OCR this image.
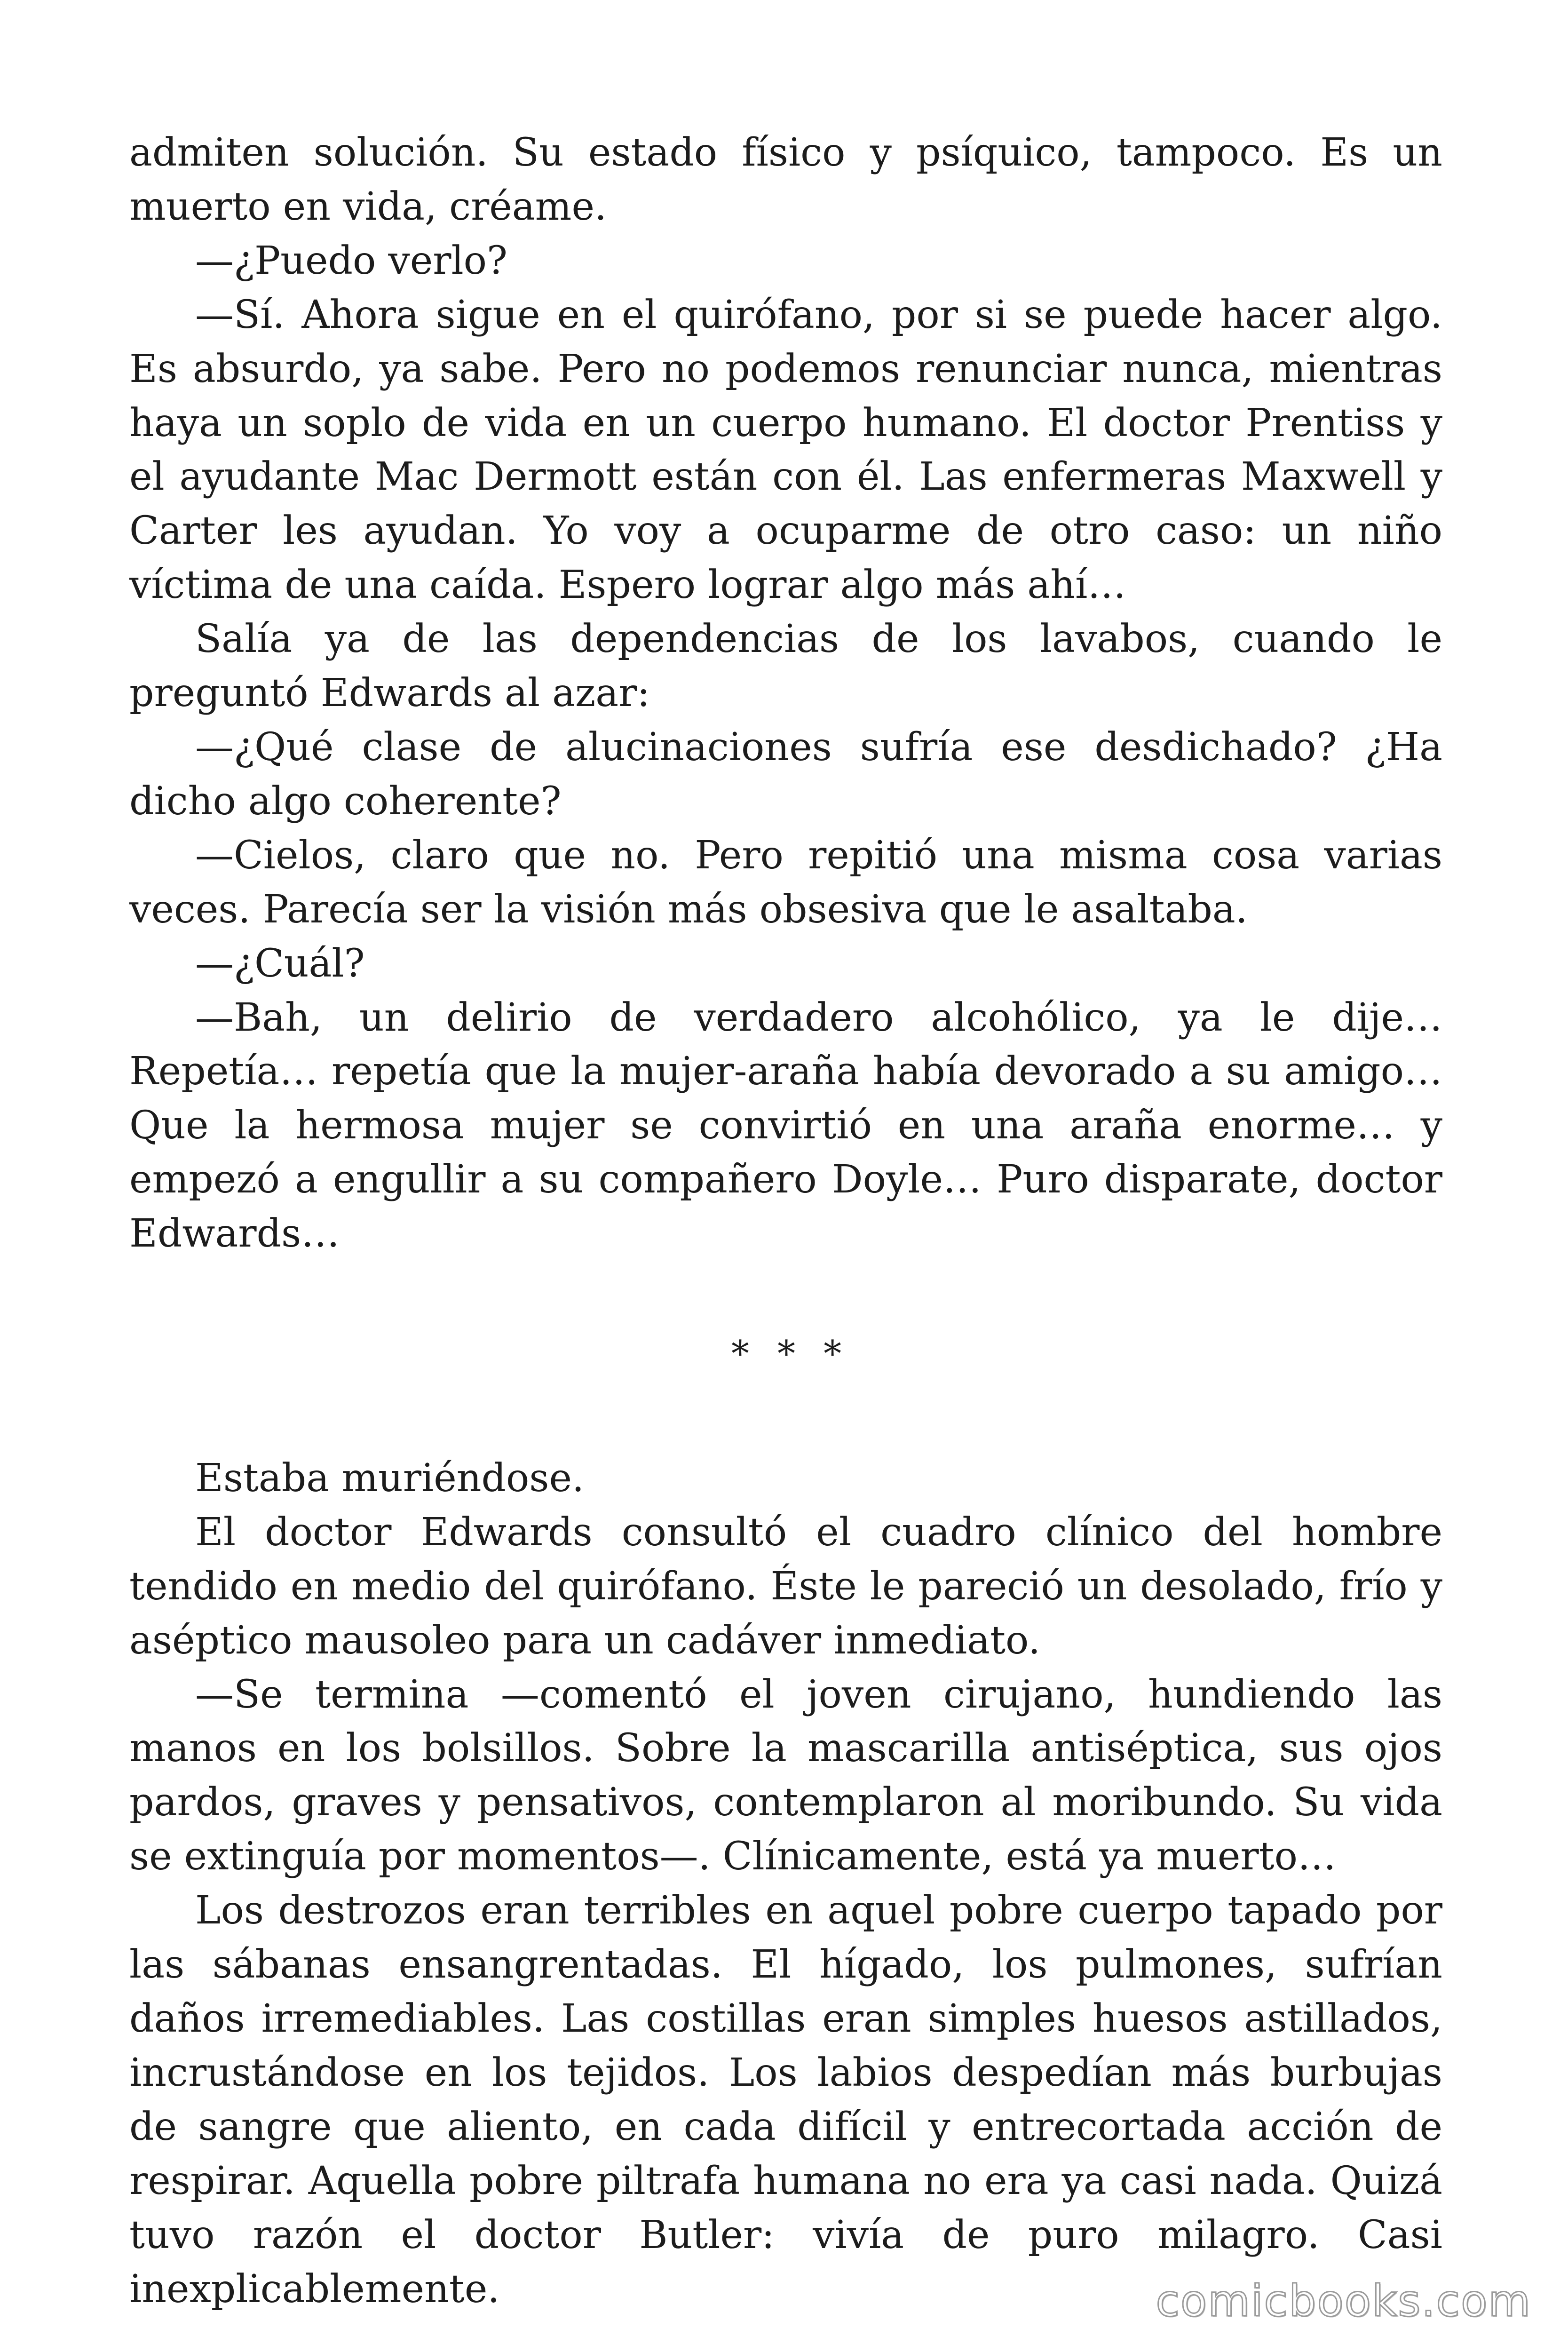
admiten solución. Su estado físico y psíquico, tampoco. Es un muerto en vida, créame.

—¿Puedo verlo?

—Sí. Ahora sigue en el quirófano, por si se puede hacer algo. Es absurdo, ya sabe. Pero no podemos renunciar nunca, mientras haya un soplo de vida en un cuerpo humano. El doctor Prentiss y el ayudante Mac Dermott están con él. Las enfermeras Maxwell y Carter les ayudan. Yo voy a ocuparme de otro caso: un niño víctima de una caída. Espero lograr algo más ahí…

Salía ya de las dependencias de los lavabos, cuando le preguntó Edwards al azar:

—¿Qué clase de alucinaciones sufría ese desdichado? ¿Ha dicho algo coherente?

—Cielos, claro que no. Pero repitió una misma cosa varias veces. Parecía ser la visión más obsesiva que le asaltaba.

—¿Cuál?

—Bah, un delirio de verdadero alcohólico, ya le dije… Repetía… repetía que la mujer-araña había devorado a su amigo… Que la hermosa mujer se convirtió en una araña enorme… y empezó a engullir a su compañero Doyle… Puro disparate, doctor Edwards…

* * *

Estaba muriéndose.

El doctor Edwards consultó el cuadro clínico del hombre tendido en medio del quirófano. Éste le pareció un desolado, frío y aséptico mausoleo para un cadáver inmediato.

—Se termina —comentó el joven cirujano, hundiendo las manos en los bolsillos. Sobre la mascarilla antiséptica, sus ojos pardos, graves y pensativos, contemplaron al moribundo. Su vida se extinguía por momentos—. Clínicamente, está ya muerto…

Los destrozos eran terribles en aquel pobre cuerpo tapado por las sábanas ensangrentadas. El hígado, los pulmones, sufrían daños irremediables. Las costillas eran simples huesos astillados, incrustándose en los tejidos. Los labios despedían más burbujas de sangre que aliento, en cada difícil y entrecortada acción de respirar. Aquella pobre piltrafa humana no era ya casi nada. Quizá tuvo razón el doctor Butler: vivía de puro milagro. Casi inexplicablemente.	comicbooks.com
